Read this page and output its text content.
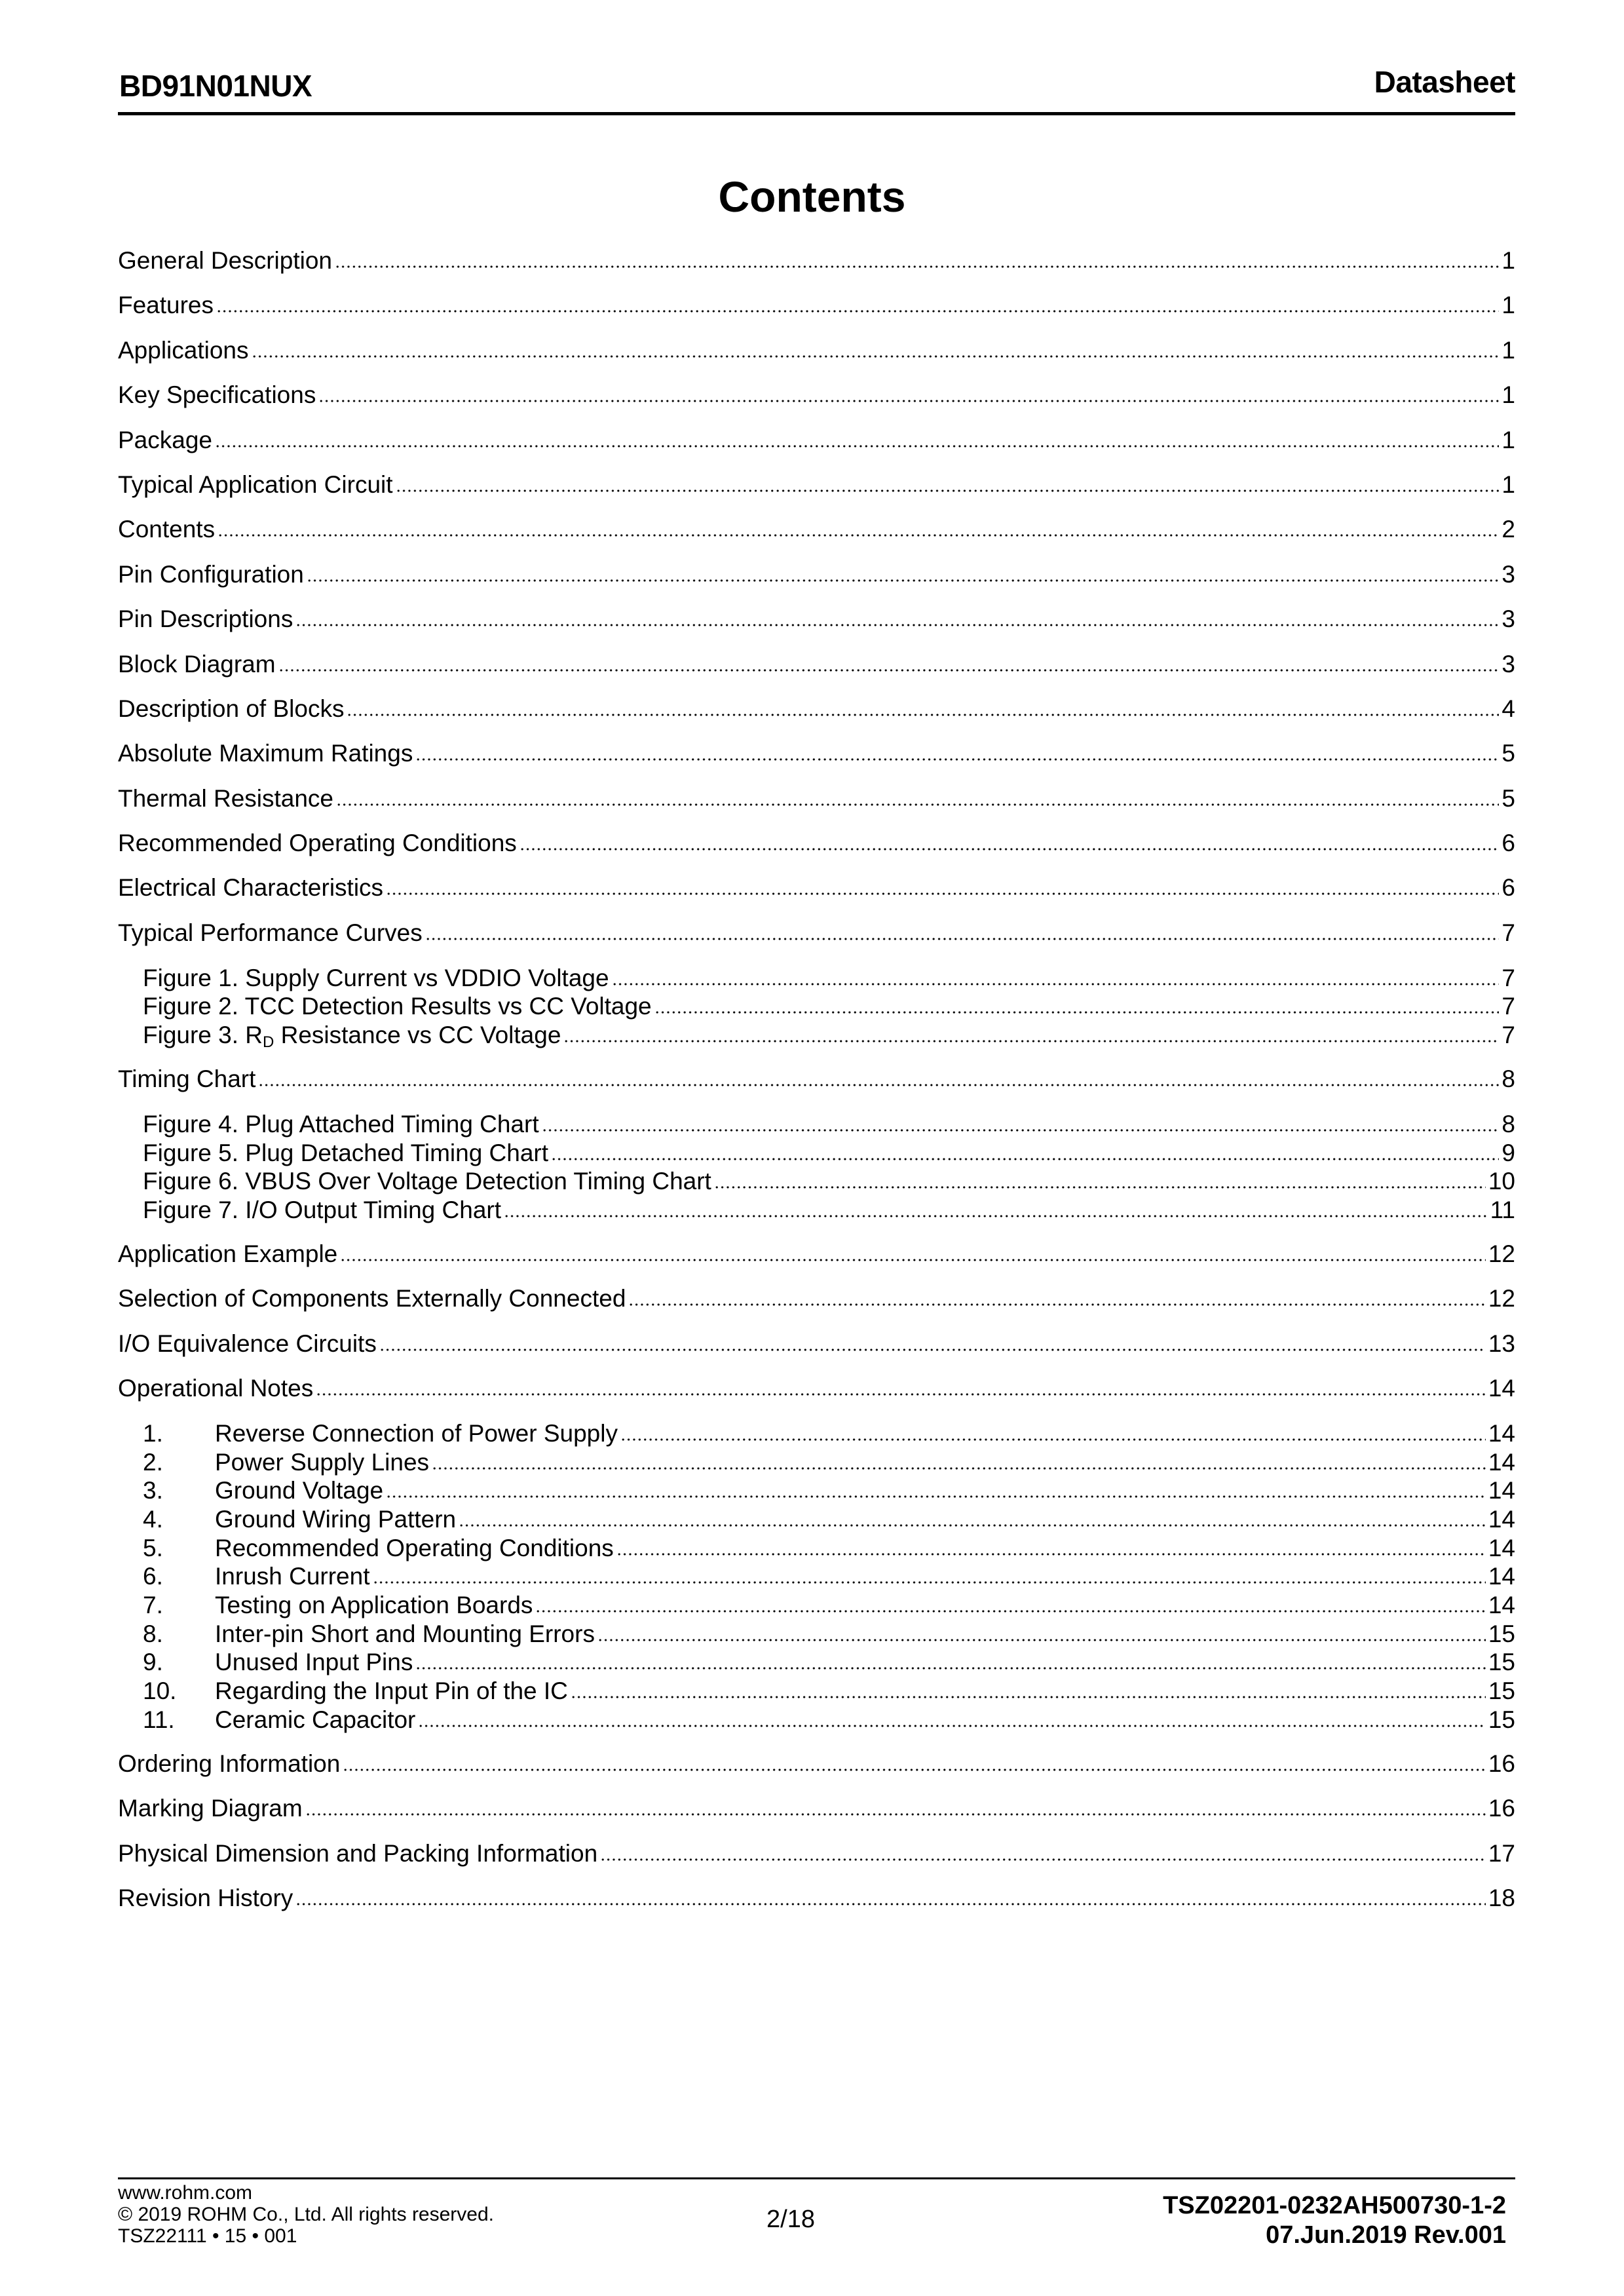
BD91N01NUX	Datasheet
Contents
General Description	1
Features	1
Applications	1
Key Specifications	1
Package	1
Typical Application Circuit	1
Contents	2
Pin Configuration	3
Pin Descriptions	3
Block Diagram	3
Description of Blocks	4
Absolute Maximum Ratings	5
Thermal Resistance	5
Recommended Operating Conditions	6
Electrical Characteristics	6
Typical Performance Curves	7
Figure 1. Supply Current vs VDDIO Voltage	7
Figure 2. TCC Detection Results vs CC Voltage	7
Figure 3. $R_D$ Resistance vs CC Voltage	7
Timing Chart	8
Figure 4. Plug Attached Timing Chart	8
Figure 5. Plug Detached Timing Chart	9
Figure 6. VBUS Over Voltage Detection Timing Chart	10
Figure 7. I/O Output Timing Chart	11
Application Example	12
Selection of Components Externally Connected	12
I/O Equivalence Circuits	13
Operational Notes	14
1.	Reverse Connection of Power Supply	14
2.	Power Supply Lines	14
3.	Ground Voltage	14
4.	Ground Wiring Pattern	14
5.	Recommended Operating Conditions	14
6.	Inrush Current	14
7.	Testing on Application Boards	14
8.	Inter-pin Short and Mounting Errors	15
9.	Unused Input Pins	15
10.	Regarding the Input Pin of the IC	15
11.	Ceramic Capacitor	15
Ordering Information	16
Marking Diagram	16
Physical Dimension and Packing Information	17
Revision History	18
www.rohm.com
© 2019 ROHM Co., Ltd. All rights reserved.
TSZ22111 • 15 • 001
2/18	TSZ02201-0232AH500730-1-2
07.Jun.2019 Rev.001
